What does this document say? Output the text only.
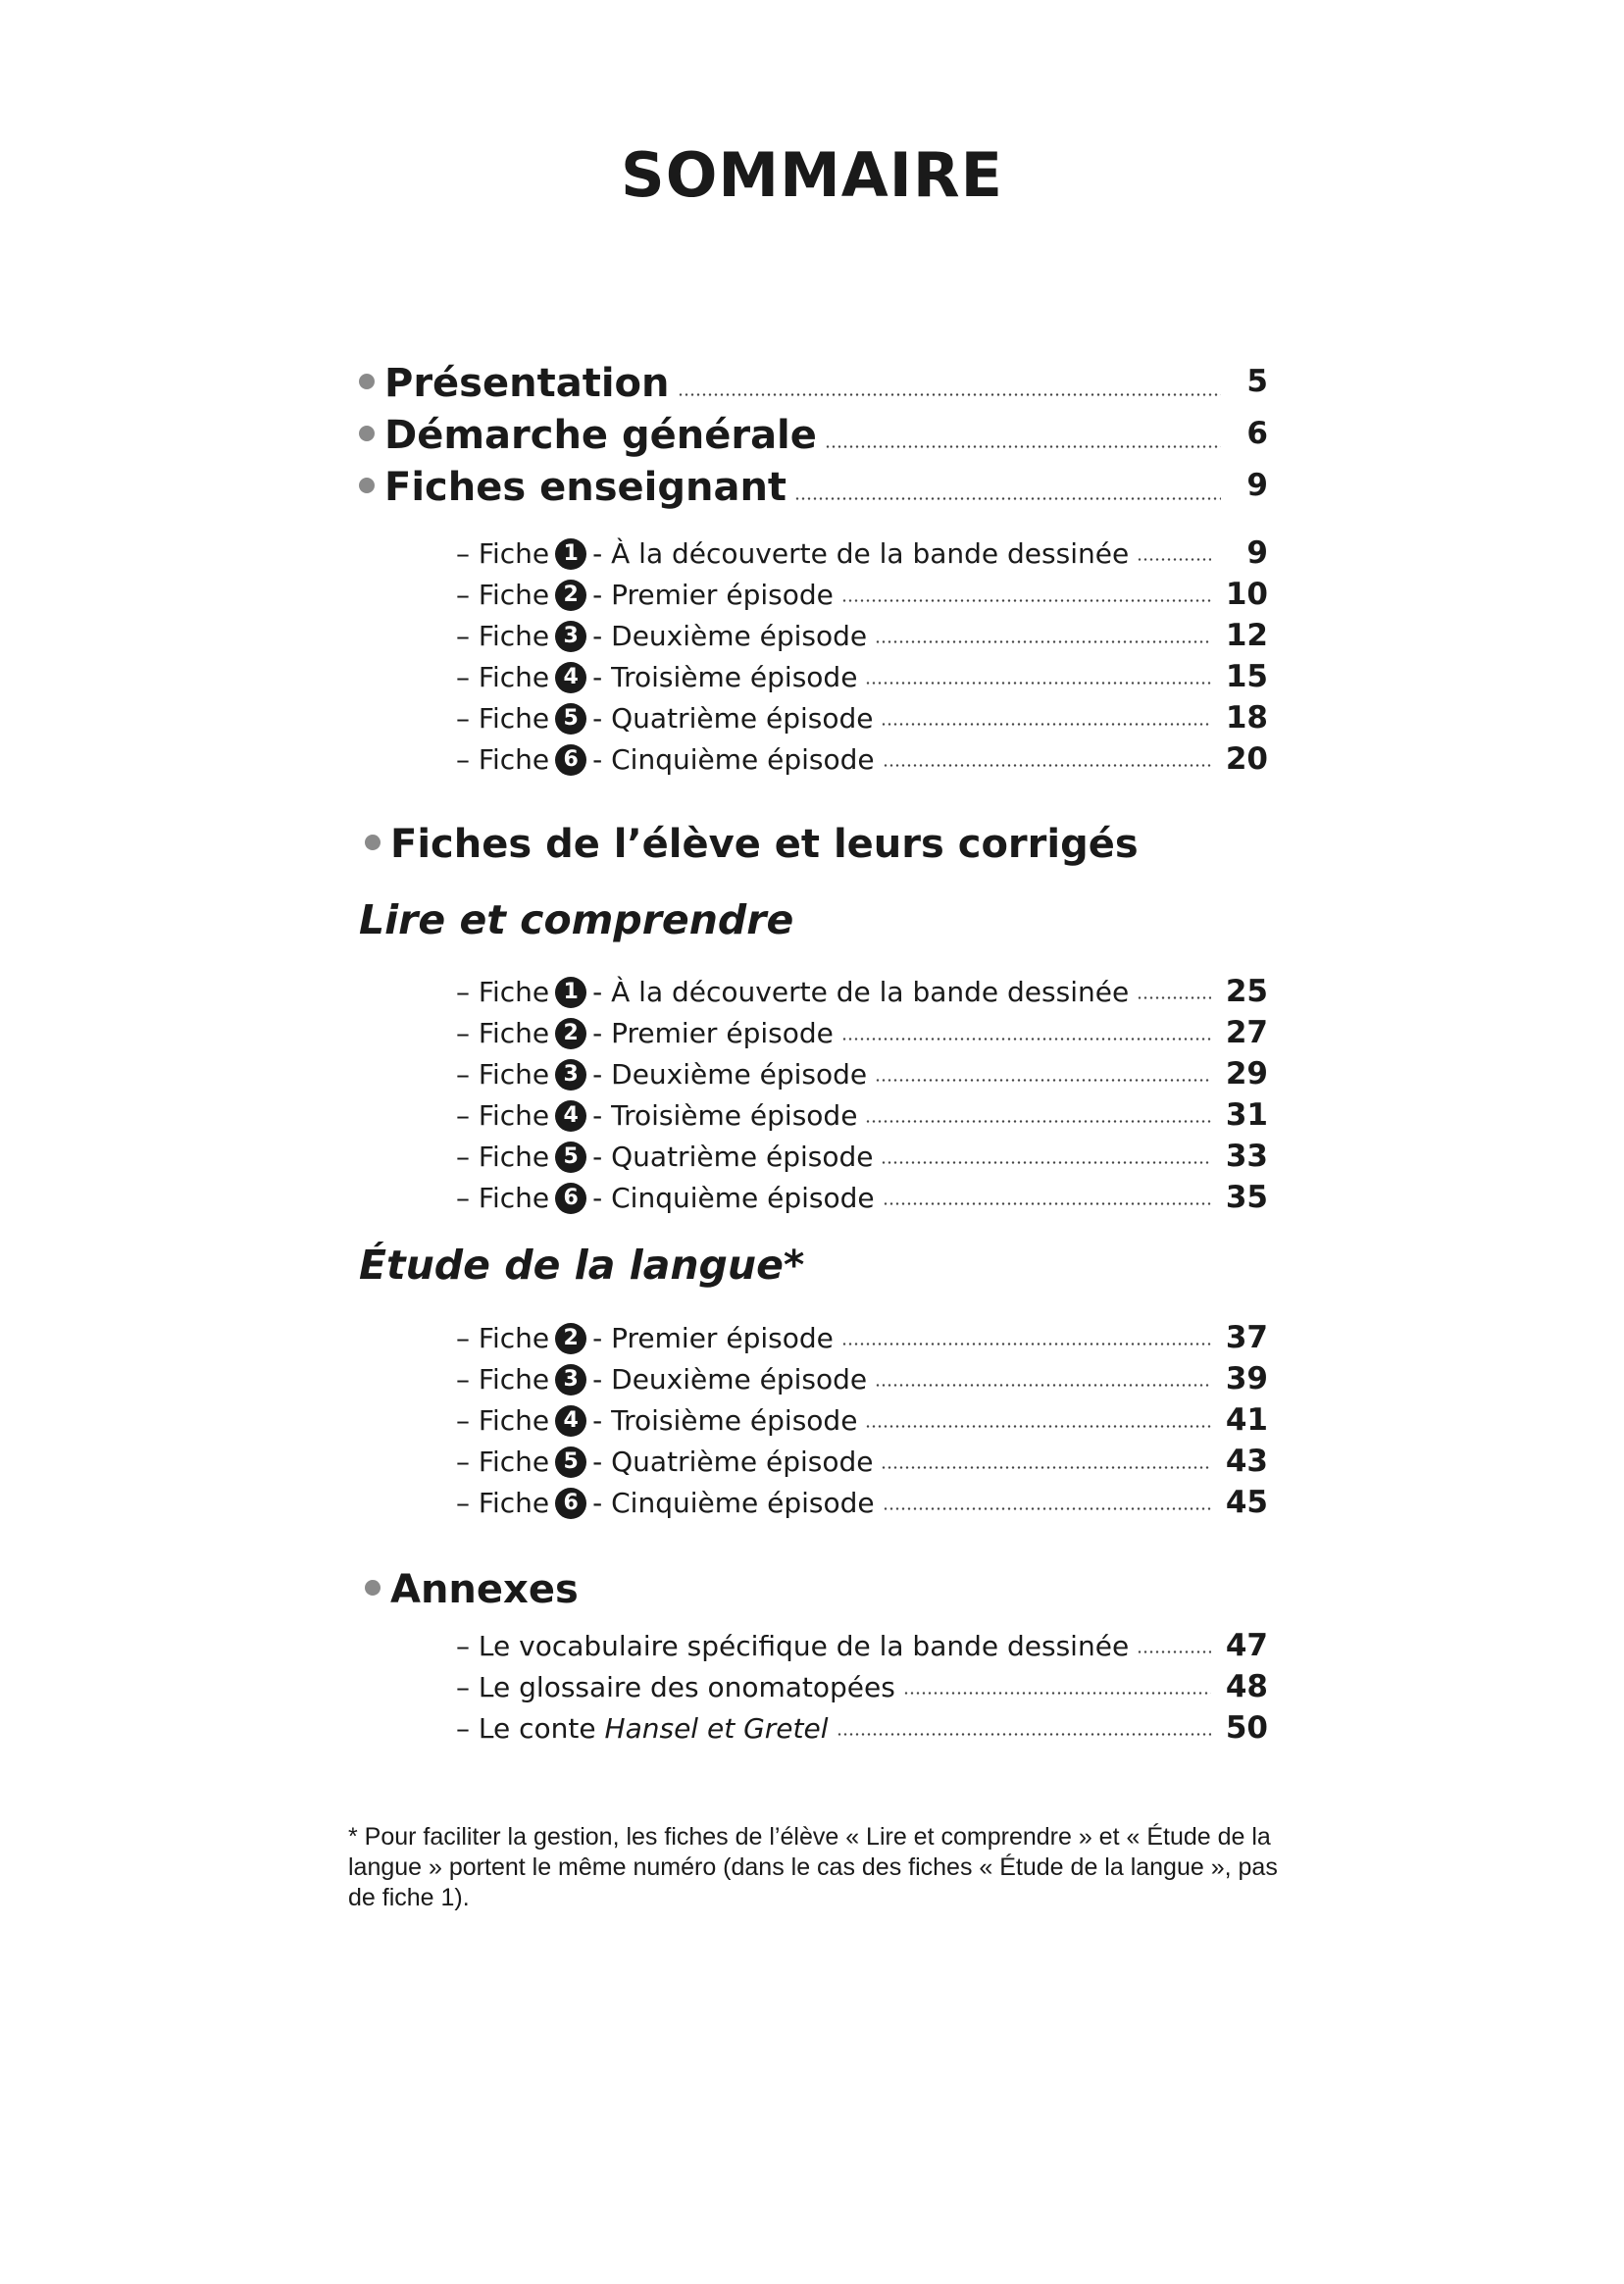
SOMMAIRE
Présentation	5
Démarche générale	6
Fiches enseignant	9
– Fiche 1 - À la découverte de la bande dessinée	9
– Fiche 2 - Premier épisode	10
– Fiche 3 - Deuxième épisode	12
– Fiche 4 - Troisième épisode	15
– Fiche 5 - Quatrième épisode	18
– Fiche 6 - Cinquième épisode	20
Fiches de l’élève et leurs corrigés
Lire et comprendre
– Fiche 1 - À la découverte de la bande dessinée	25
– Fiche 2 - Premier épisode	27
– Fiche 3 - Deuxième épisode	29
– Fiche 4 - Troisième épisode	31
– Fiche 5 - Quatrième épisode	33
– Fiche 6 - Cinquième épisode	35
Étude de la langue*
– Fiche 2 - Premier épisode	37
– Fiche 3 - Deuxième épisode	39
– Fiche 4 - Troisième épisode	41
– Fiche 5 - Quatrième épisode	43
– Fiche 6 - Cinquième épisode	45
Annexes
– Le vocabulaire spécifique de la bande dessinée	47
– Le glossaire des onomatopées	48
– Le conte Hansel et Gretel	50
* Pour faciliter la gestion, les fiches de l’élève « Lire et comprendre » et « Étude de la langue » portent le même numéro (dans le cas des fiches « Étude de la langue », pas de fiche 1).
